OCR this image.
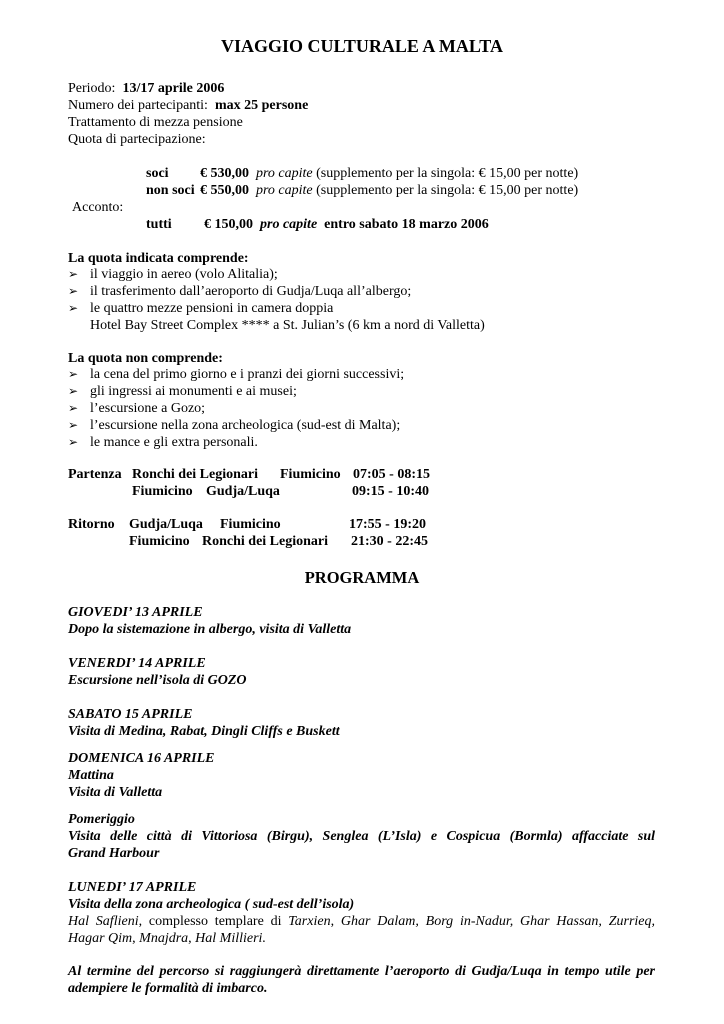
VIAGGIO CULTURALE A MALTA
Periodo: 13/17 aprile 2006
Numero dei partecipanti: max 25 persone
Trattamento di mezza pensione
Quota di partecipazione:
soci € 530,00 pro capite (supplemento per la singola: € 15,00 per notte)
non soci € 550,00 pro capite (supplemento per la singola: € 15,00 per notte)
Acconto:
tutti € 150,00 pro capite entro sabato 18 marzo 2006
La quota indicata comprende:
➢ il viaggio in aereo (volo Alitalia);
➢ il trasferimento dall’aeroporto di Gudja/Luqa all’albergo;
➢ le quattro mezze pensioni in camera doppia
Hotel Bay Street Complex **** a St. Julian’s (6 km a nord di Valletta)
La quota non comprende:
➢ la cena del primo giorno e i pranzi dei giorni successivi;
➢ gli ingressi ai monumenti e ai musei;
➢ l’escursione a Gozo;
➢ l’escursione nella zona archeologica (sud-est di Malta);
➢ le mance e gli extra personali.
Partenza Ronchi dei Legionari Fiumicino 07:05 - 08:15
Fiumicino Gudja/Luqa	09:15 - 10:40
Ritorno Gudja/Luqa Fiumicino	17:55 - 19:20
Fiumicino Ronchi dei Legionari 21:30 - 22:45
PROGRAMMA
GIOVEDI’ 13 APRILE
Dopo la sistemazione in albergo, visita di Valletta
VENERDI’ 14 APRILE
Escursione nell’isola di GOZO
SABATO 15 APRILE
Visita di Medina, Rabat, Dingli Cliffs e Buskett
DOMENICA 16 APRILE
Mattina
Visita di Valletta
Pomeriggio
Visita delle città di Vittoriosa (Birgu), Senglea (L’Isla) e Cospicua (Bormla) affacciate sul
Grand Harbour
LUNEDI’ 17 APRILE
Visita della zona archeologica ( sud-est dell’isola)
Hal Saflieni, complesso templare di Tarxien, Ghar Dalam, Borg in-Nadur, Ghar Hassan, Zurrieq,
Hagar Qim, Mnajdra, Hal Millieri.
Al termine del percorso si raggiungerà direttamente l’aeroporto di Gudja/Luqa in tempo utile per
adempiere le formalità di imbarco.
